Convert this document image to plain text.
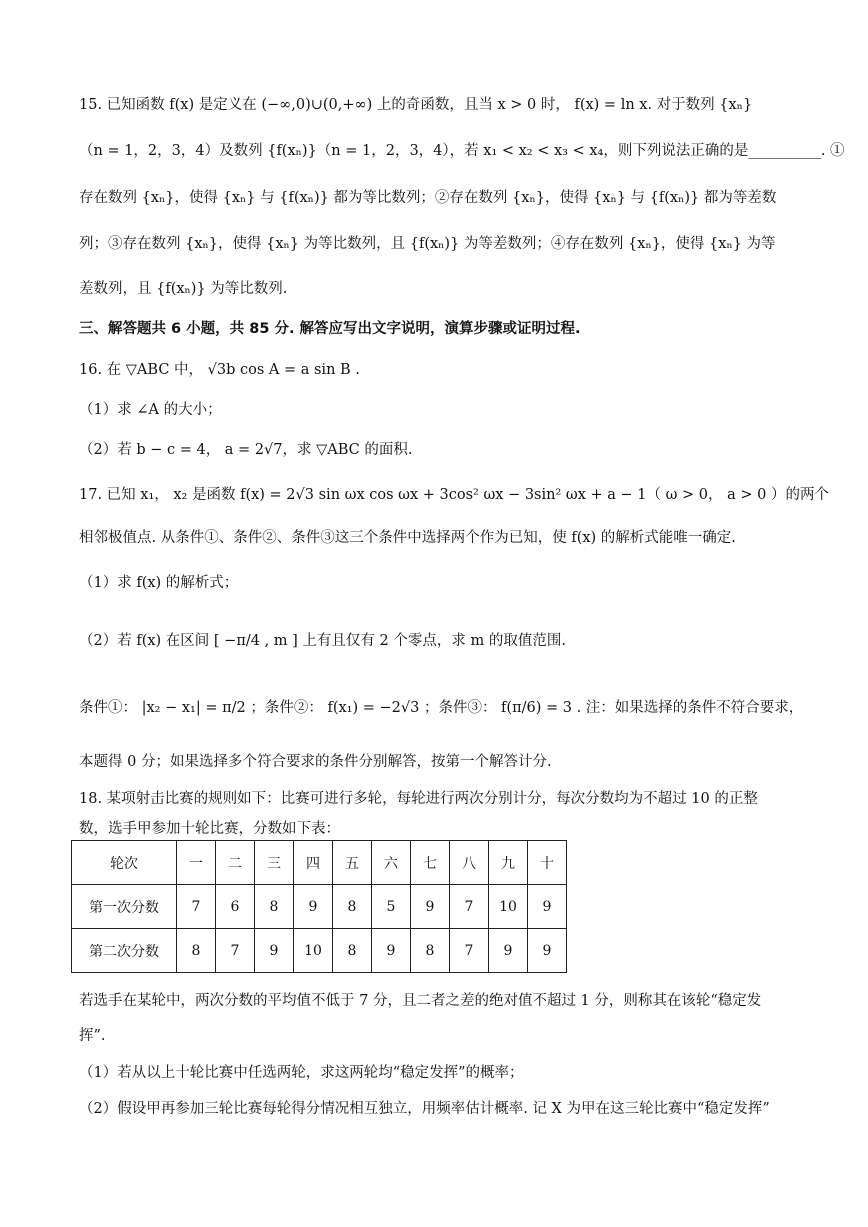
15. 已知函数 f(x) 是定义在 (−∞,0)∪(0,+∞) 上的奇函数，且当 x > 0 时， f(x) = ln x. 对于数列 {xₙ}
（n = 1，2，3，4）及数列 {f(xₙ)}（n = 1，2，3，4），若 x₁ < x₂ < x₃ < x₄，则下列说法正确的是__________. ①
存在数列 {xₙ}，使得 {xₙ} 与 {f(xₙ)} 都为等比数列；②存在数列 {xₙ}，使得 {xₙ} 与 {f(xₙ)} 都为等差数
列；③存在数列 {xₙ}，使得 {xₙ} 为等比数列，且 {f(xₙ)} 为等差数列；④存在数列 {xₙ}，使得 {xₙ} 为等
差数列，且 {f(xₙ)} 为等比数列.
三、解答题共 6 小题，共 85 分. 解答应写出文字说明，演算步骤或证明过程.
16. 在 ▽ABC 中， √3b cos A = a sin B .
（1）求 ∠A 的大小；
（2）若 b − c = 4， a = 2√7，求 ▽ABC 的面积.
17. 已知 x₁， x₂ 是函数 f(x) = 2√3 sin ωx cos ωx + 3cos² ωx − 3sin² ωx + a − 1（ ω > 0， a > 0 ）的两个
相邻极值点. 从条件①、条件②、条件③这三个条件中选择两个作为已知，使 f(x) 的解析式能唯一确定.
（1）求 f(x) 的解析式；
（2）若 f(x) 在区间 [ −π/4 , m ] 上有且仅有 2 个零点，求 m 的取值范围.
条件①： |x₂ − x₁| = π/2 ；条件②： f(x₁) = −2√3 ；条件③： f(π/6) = 3 . 注：如果选择的条件不符合要求，
本题得 0 分；如果选择多个符合要求的条件分别解答，按第一个解答计分.
18. 某项射击比赛的规则如下：比赛可进行多轮，每轮进行两次分别计分，每次分数均为不超过 10 的正整
数，选手甲参加十轮比赛，分数如下表：
轮次	一	二	三	四	五	六	七	八	九	十
第一次分数	7	6	8	9	8	5	9	7	10	9
第二次分数	8	7	9	10	8	9	8	7	9	9
若选手在某轮中，两次分数的平均值不低于 7 分，且二者之差的绝对值不超过 1 分，则称其在该轮“稳定发
挥”.
（1）若从以上十轮比赛中任选两轮，求这两轮均“稳定发挥”的概率；
（2）假设甲再参加三轮比赛每轮得分情况相互独立，用频率估计概率. 记 X 为甲在这三轮比赛中“稳定发挥”
